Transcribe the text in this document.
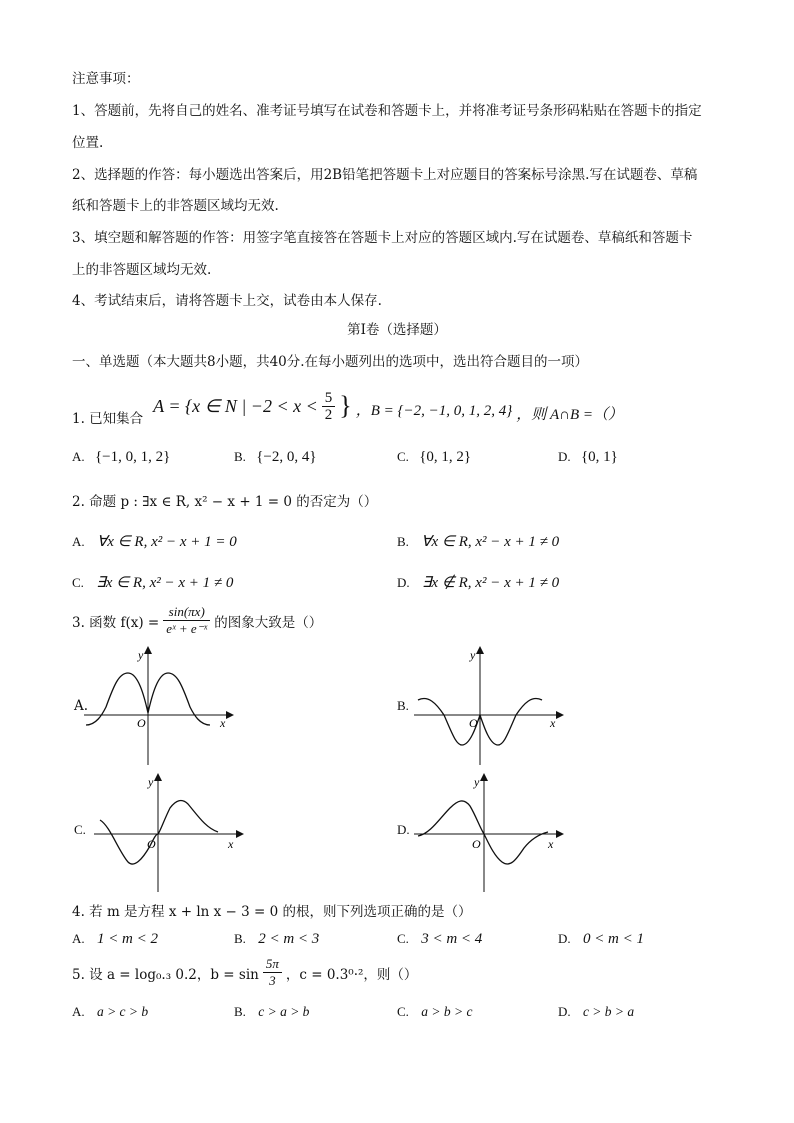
注意事项：
1、答题前，先将自己的姓名、准考证号填写在试卷和答题卡上，并将准考证号条形码粘贴在答题卡的指定
位置.
2、选择题的作答：每小题选出答案后，用2B铅笔把答题卡上对应题目的答案标号涂黑.写在试题卷、草稿
纸和答题卡上的非答题区域均无效.
3、填空题和解答题的作答：用签字笔直接答在答题卡上对应的答题区域内.写在试题卷、草稿纸和答题卡
上的非答题区域均无效.
4、考试结束后，请将答题卡上交，试卷由本人保存.
第Ⅰ卷（选择题）
一、单选题（本大题共8小题，共40分.在每小题列出的选项中，选出符合题目的一项）
1. 已知集合
A = {x ∈ N | $-2 < x < \frac{5}{2}$ } ，B = {−2, −1, 0, 1, 2, 4} ，则 A∩B =（）
A. {−1, 0, 1, 2}	B. {−2, 0, 4}	C. {0, 1, 2}	D. {0, 1}
2. 命题 p : ∃x ∈ R, x² − x + 1 = 0 的否定为（）
A. ∀x ∈ R, x² − x + 1 = 0	B. ∀x ∈ R, x² − x + 1 ≠ 0
C. ∃x ∈ R, x² − x + 1 ≠ 0	D. ∃x ∉ R, x² − x + 1 ≠ 0
3. 函数 $f(x) = \frac{\sin(\pi x)}{\text{eˣ + e⁻ˣ}}$ 的图象大致是（）
A.
x
y
O
B.
x
y
O
C.
x
y
O
D.
x
y
O
4. 若 m 是方程 x + ln x − 3 = 0 的根，则下列选项正确的是（）
A. 1 < m < 2	B. 2 < m < 3	C. 3 < m < 4	D. 0 < m < 1
5. 设 a = log₀.₃ 0.2，$b = \sin \frac{5\pi}{3}$ ，c = 0.3⁰·²，则（）
A. a > c > b	B. c > a > b	C. a > b > c	D. c > b > a
